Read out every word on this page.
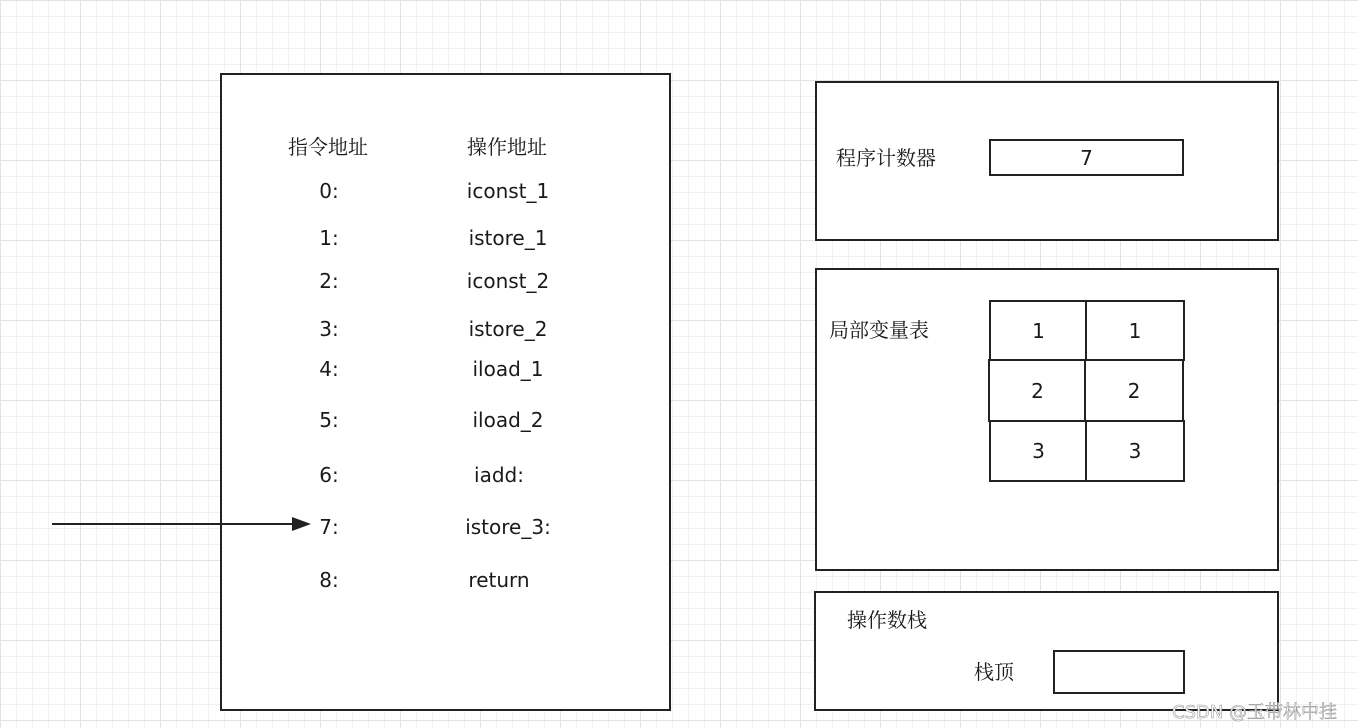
指令地址	操作地址
0:	iconst_1
1:	istore_1
2:	iconst_2
3:	istore_2
4:	iload_1
5:	iload_2
6:	iadd:
7:	istore_3:
8:	return
程序计数器	7
局部变量表	1	1
2	2
3	3
操作数栈
栈顶
CSDN @玉带林中挂
